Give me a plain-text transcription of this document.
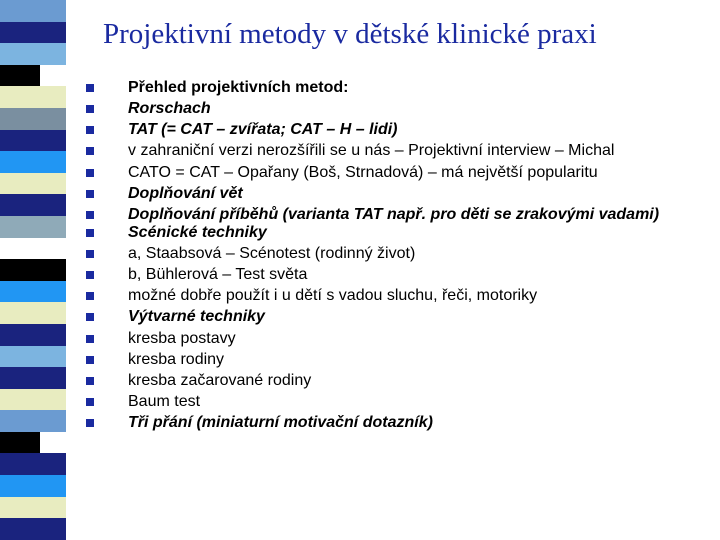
Projektivní metody v dětské klinické praxi
Přehled projektivních metod:
Rorschach
TAT (= CAT – zvířata; CAT – H – lidi)
v zahraniční verzi nerozšířili se u nás – Projektivní interview – Michal
CATO = CAT – Opařany (Boš, Strnadová) – má největší popularitu
Doplňování vět
Doplňování příběhů (varianta TAT např. pro děti se zrakovými vadami)
Scénické techniky
a, Staabsová – Scénotest (rodinný život)
b, Bühlerová – Test světa
možné dobře použít i u dětí s vadou sluchu, řeči, motoriky
Výtvarné techniky
kresba postavy
kresba rodiny
kresba začarované rodiny
Baum test
Tři přání (miniaturní motivační dotazník)
